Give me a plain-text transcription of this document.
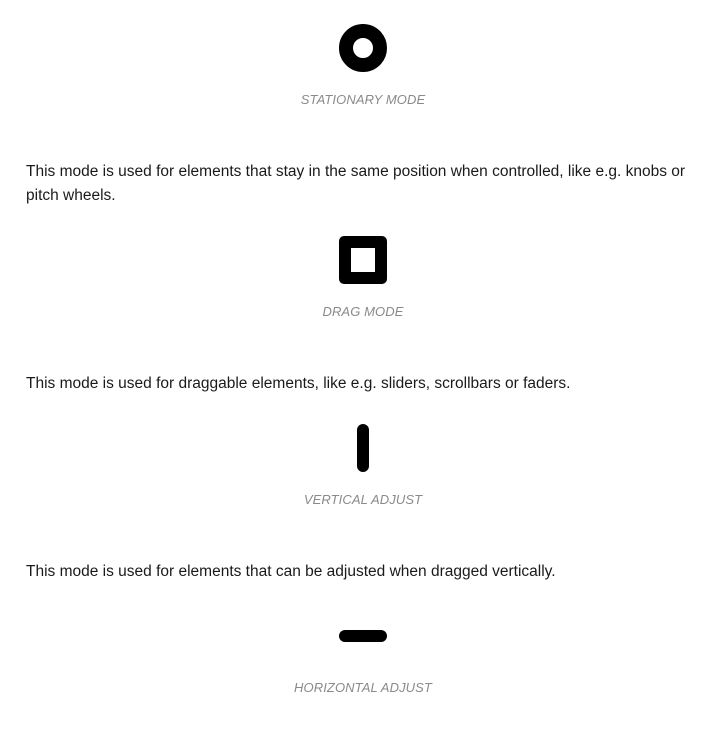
STATIONARY MODE
This mode is used for elements that stay in the same position when controlled, like e.g. knobs or pitch wheels.
DRAG MODE
This mode is used for draggable elements, like e.g. sliders, scrollbars or faders.
VERTICAL ADJUST
This mode is used for elements that can be adjusted when dragged vertically.
HORIZONTAL ADJUST
